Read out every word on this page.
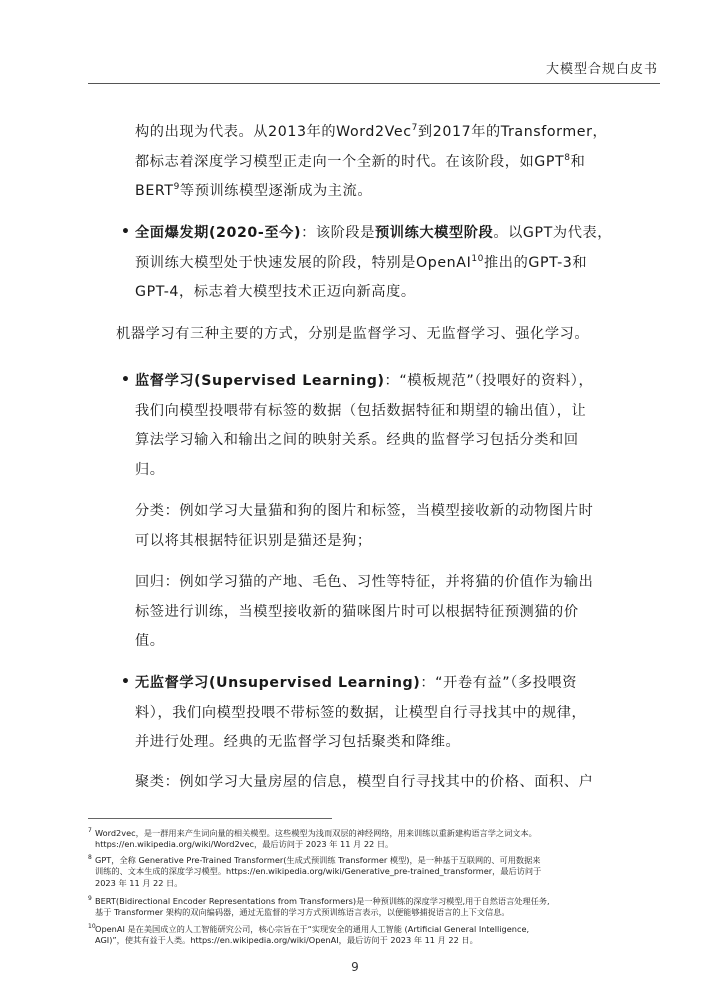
大模型合规白皮书
构的出现为代表。从2013年的Word2Vec$^7$到2017年的Transformer，
都标志着深度学习模型正走向一个全新的时代。在该阶段，如GPT$^8$和
BERT$^9$等预训练模型逐渐成为主流。
• 全面爆发期(2020-至今)：该阶段是预训练大模型阶段。以GPT为代表，
预训练大模型处于快速发展的阶段，特别是OpenAI$^{10}$推出的GPT-3和
GPT-4，标志着大模型技术正迈向新高度。
机器学习有三种主要的方式，分别是监督学习、无监督学习、强化学习。
• 监督学习(Supervised Learning)：“模板规范”（投喂好的资料），
我们向模型投喂带有标签的数据（包括数据特征和期望的输出值），让
算法学习输入和输出之间的映射关系。经典的监督学习包括分类和回
归。
分类：例如学习大量猫和狗的图片和标签，当模型接收新的动物图片时
可以将其根据特征识别是猫还是狗；
回归：例如学习猫的产地、毛色、习性等特征，并将猫的价值作为输出
标签进行训练，当模型接收新的猫咪图片时可以根据特征预测猫的价
值。
• 无监督学习(Unsupervised Learning)：“开卷有益”（多投喂资
料），我们向模型投喂不带标签的数据，让模型自行寻找其中的规律，
并进行处理。经典的无监督学习包括聚类和降维。
聚类：例如学习大量房屋的信息，模型自行寻找其中的价格、面积、户
7 Word2vec，是一群用来产生词向量的相关模型。这些模型为浅而双层的神经网络，用来训练以重新建构语言学之词文本。
https://en.wikipedia.org/wiki/Word2vec，最后访问于 2023 年 11 月 22 日。
8 GPT，全称 Generative Pre-Trained Transformer(生成式预训练 Transformer 模型)，是一种基于互联网的、可用数据来
训练的、文本生成的深度学习模型。https://en.wikipedia.org/wiki/Generative_pre-trained_transformer，最后访问于
2023 年 11 月 22 日。
9 BERT(Bidirectional Encoder Representations from Transformers)是一种预训练的深度学习模型,用于自然语言处理任务,
基于 Transformer 架构的双向编码器，通过无监督的学习方式预训练语言表示，以便能够捕捉语言的上下文信息。
10 OpenAI 是在美国成立的人工智能研究公司，核心宗旨在于“实现安全的通用人工智能 (Artificial General Intelligence,
AGI)”，使其有益于人类。https://en.wikipedia.org/wiki/OpenAI，最后访问于 2023 年 11 月 22 日。
9
